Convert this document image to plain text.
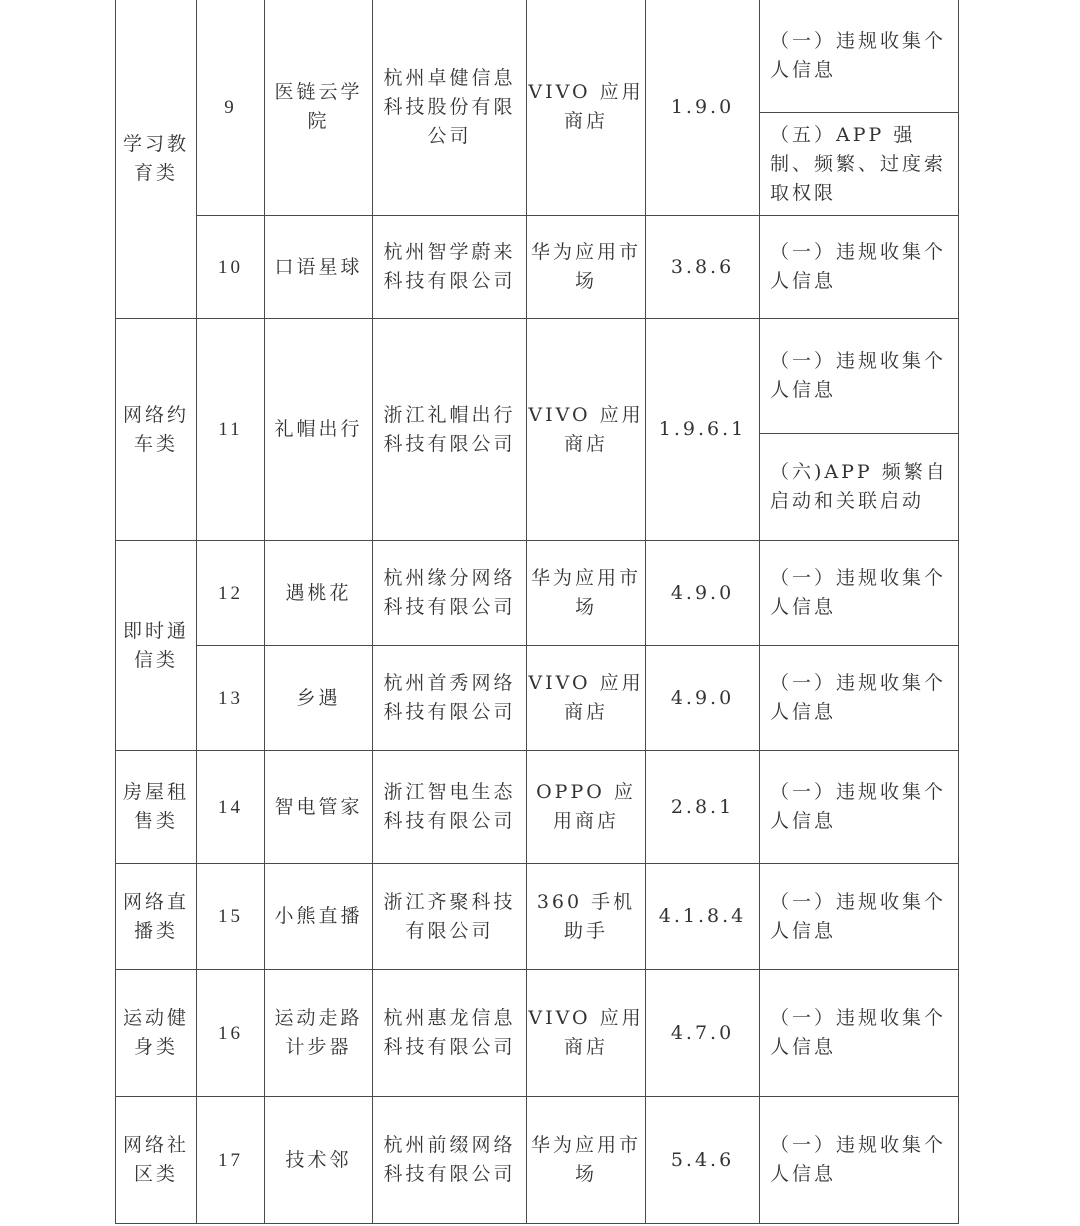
学习教育类	9	医链云学院	杭州卓健信息科技股份有限公司	VIVO 应用商店	1.9.0	（一）违规收集个人信息
						（五）APP 强制、频繁、过度索取权限
	10	口语星球	杭州智学蔚来科技有限公司	华为应用市场	3.8.6	（一）违规收集个人信息
网络约车类	11	礼帽出行	浙江礼帽出行科技有限公司	VIVO 应用商店	1.9.6.1	（一）违规收集个人信息
						（六)APP 频繁自启动和关联启动
即时通信类	12	遇桃花	杭州缘分网络科技有限公司	华为应用市场	4.9.0	（一）违规收集个人信息
	13	乡遇	杭州首秀网络科技有限公司	VIVO 应用商店	4.9.0	（一）违规收集个人信息
房屋租售类	14	智电管家	浙江智电生态科技有限公司	OPPO 应用商店	2.8.1	（一）违规收集个人信息
网络直播类	15	小熊直播	浙江齐聚科技有限公司	360 手机助手	4.1.8.4	（一）违规收集个人信息
运动健身类	16	运动走路计步器	杭州惠龙信息科技有限公司	VIVO 应用商店	4.7.0	（一）违规收集个人信息
网络社区类	17	技术邻	杭州前缀网络科技有限公司	华为应用市场	5.4.6	（一）违规收集个人信息
